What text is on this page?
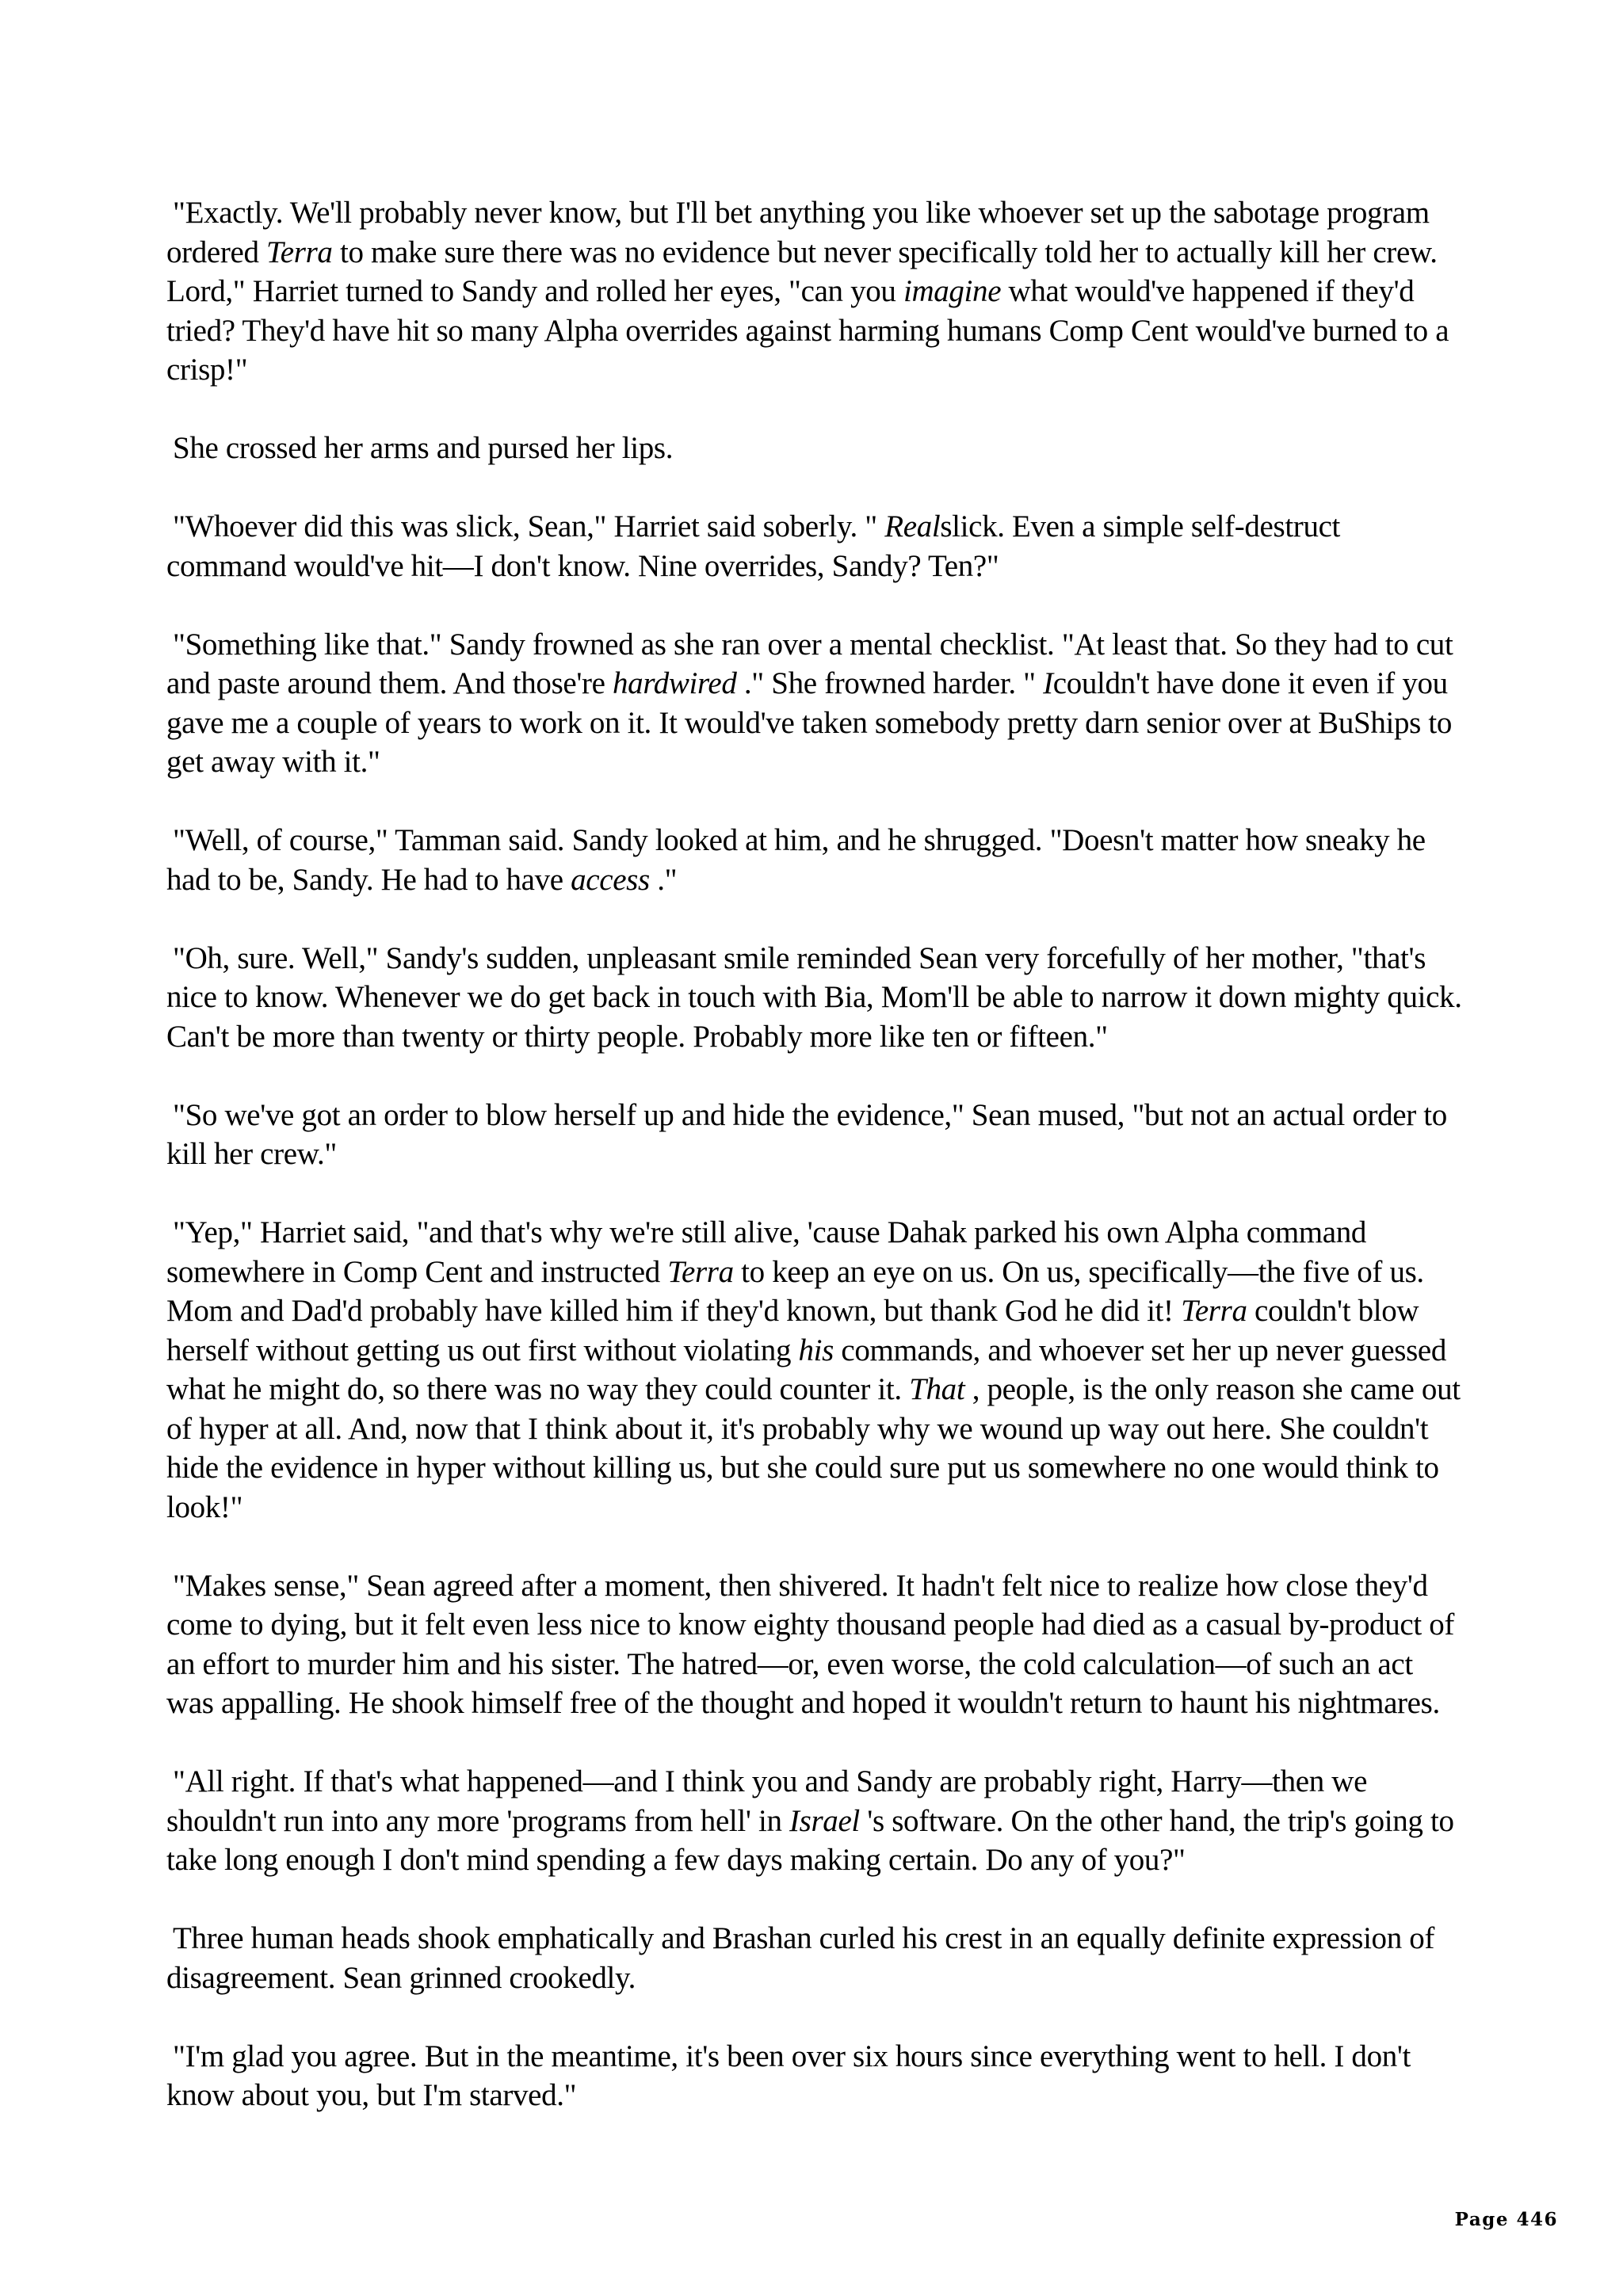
"Exactly. We'll probably never know, but I'll bet anything you like whoever set up the sabotage program ordered Terra to make sure there was no evidence but never specifically told her to actually kill her crew. Lord," Harriet turned to Sandy and rolled her eyes, "can you imagine what would've happened if they'd tried? They'd have hit so many Alpha overrides against harming humans Comp Cent would've burned to a crisp!"

She crossed her arms and pursed her lips.

"Whoever did this was slick, Sean," Harriet said soberly. " Realslick. Even a simple self-destruct command would've hit—I don't know. Nine overrides, Sandy? Ten?"

"Something like that." Sandy frowned as she ran over a mental checklist. "At least that. So they had to cut and paste around them. And those're hardwired ." She frowned harder. " Icouldn't have done it even if you gave me a couple of years to work on it. It would've taken somebody pretty darn senior over at BuShips to get away with it."

"Well, of course," Tamman said. Sandy looked at him, and he shrugged. "Doesn't matter how sneaky he had to be, Sandy. He had to have access ."

"Oh, sure. Well," Sandy's sudden, unpleasant smile reminded Sean very forcefully of her mother, "that's nice to know. Whenever we do get back in touch with Bia, Mom'll be able to narrow it down mighty quick. Can't be more than twenty or thirty people. Probably more like ten or fifteen."

"So we've got an order to blow herself up and hide the evidence," Sean mused, "but not an actual order to kill her crew."

"Yep," Harriet said, "and that's why we're still alive, 'cause Dahak parked his own Alpha command somewhere in Comp Cent and instructed Terra to keep an eye on us. On us, specifically—the five of us. Mom and Dad'd probably have killed him if they'd known, but thank God he did it! Terra couldn't blow herself without getting us out first without violating his commands, and whoever set her up never guessed what he might do, so there was no way they could counter it. That , people, is the only reason she came out of hyper at all. And, now that I think about it, it's probably why we wound up way out here. She couldn't hide the evidence in hyper without killing us, but she could sure put us somewhere no one would think to look!"

"Makes sense," Sean agreed after a moment, then shivered. It hadn't felt nice to realize how close they'd come to dying, but it felt even less nice to know eighty thousand people had died as a casual by-product of an effort to murder him and his sister. The hatred—or, even worse, the cold calculation—of such an act was appalling. He shook himself free of the thought and hoped it wouldn't return to haunt his nightmares.

"All right. If that's what happened—and I think you and Sandy are probably right, Harry—then we shouldn't run into any more 'programs from hell' in Israel 's software. On the other hand, the trip's going to take long enough I don't mind spending a few days making certain. Do any of you?"

Three human heads shook emphatically and Brashan curled his crest in an equally definite expression of disagreement. Sean grinned crookedly.

"I'm glad you agree. But in the meantime, it's been over six hours since everything went to hell. I don't know about you, but I'm starved."

Page 446
